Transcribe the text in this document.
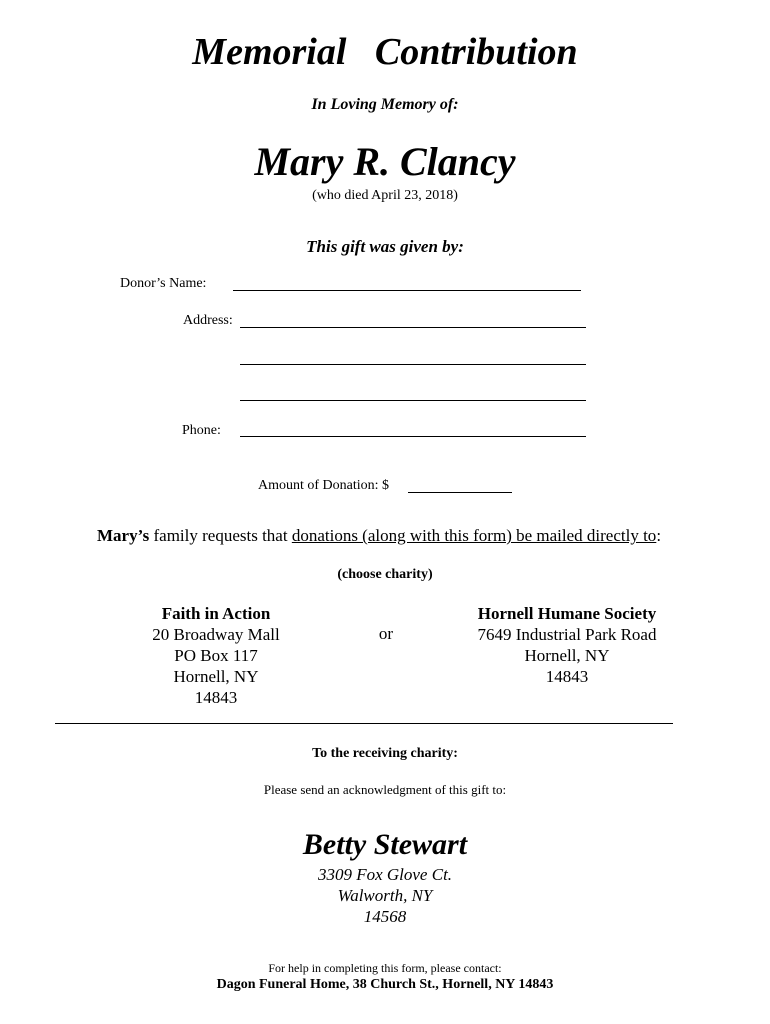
Memorial   Contribution
In Loving Memory of:
Mary R. Clancy
(who died April 23, 2018)
This gift was given by:
Donor’s Name:
Address:
Phone:
Amount of Donation: $
Mary’s family requests that donations (along with this form) be mailed directly to:
(choose charity)
Faith in Action
20 Broadway Mall
PO Box 117
Hornell, NY
14843
or
Hornell Humane Society
7649 Industrial Park Road
Hornell, NY
14843
To the receiving charity:
Please send an acknowledgment of this gift to:
Betty Stewart
3309 Fox Glove Ct.
Walworth, NY
14568
For help in completing this form, please contact:
Dagon Funeral Home, 38 Church St., Hornell, NY 14843
